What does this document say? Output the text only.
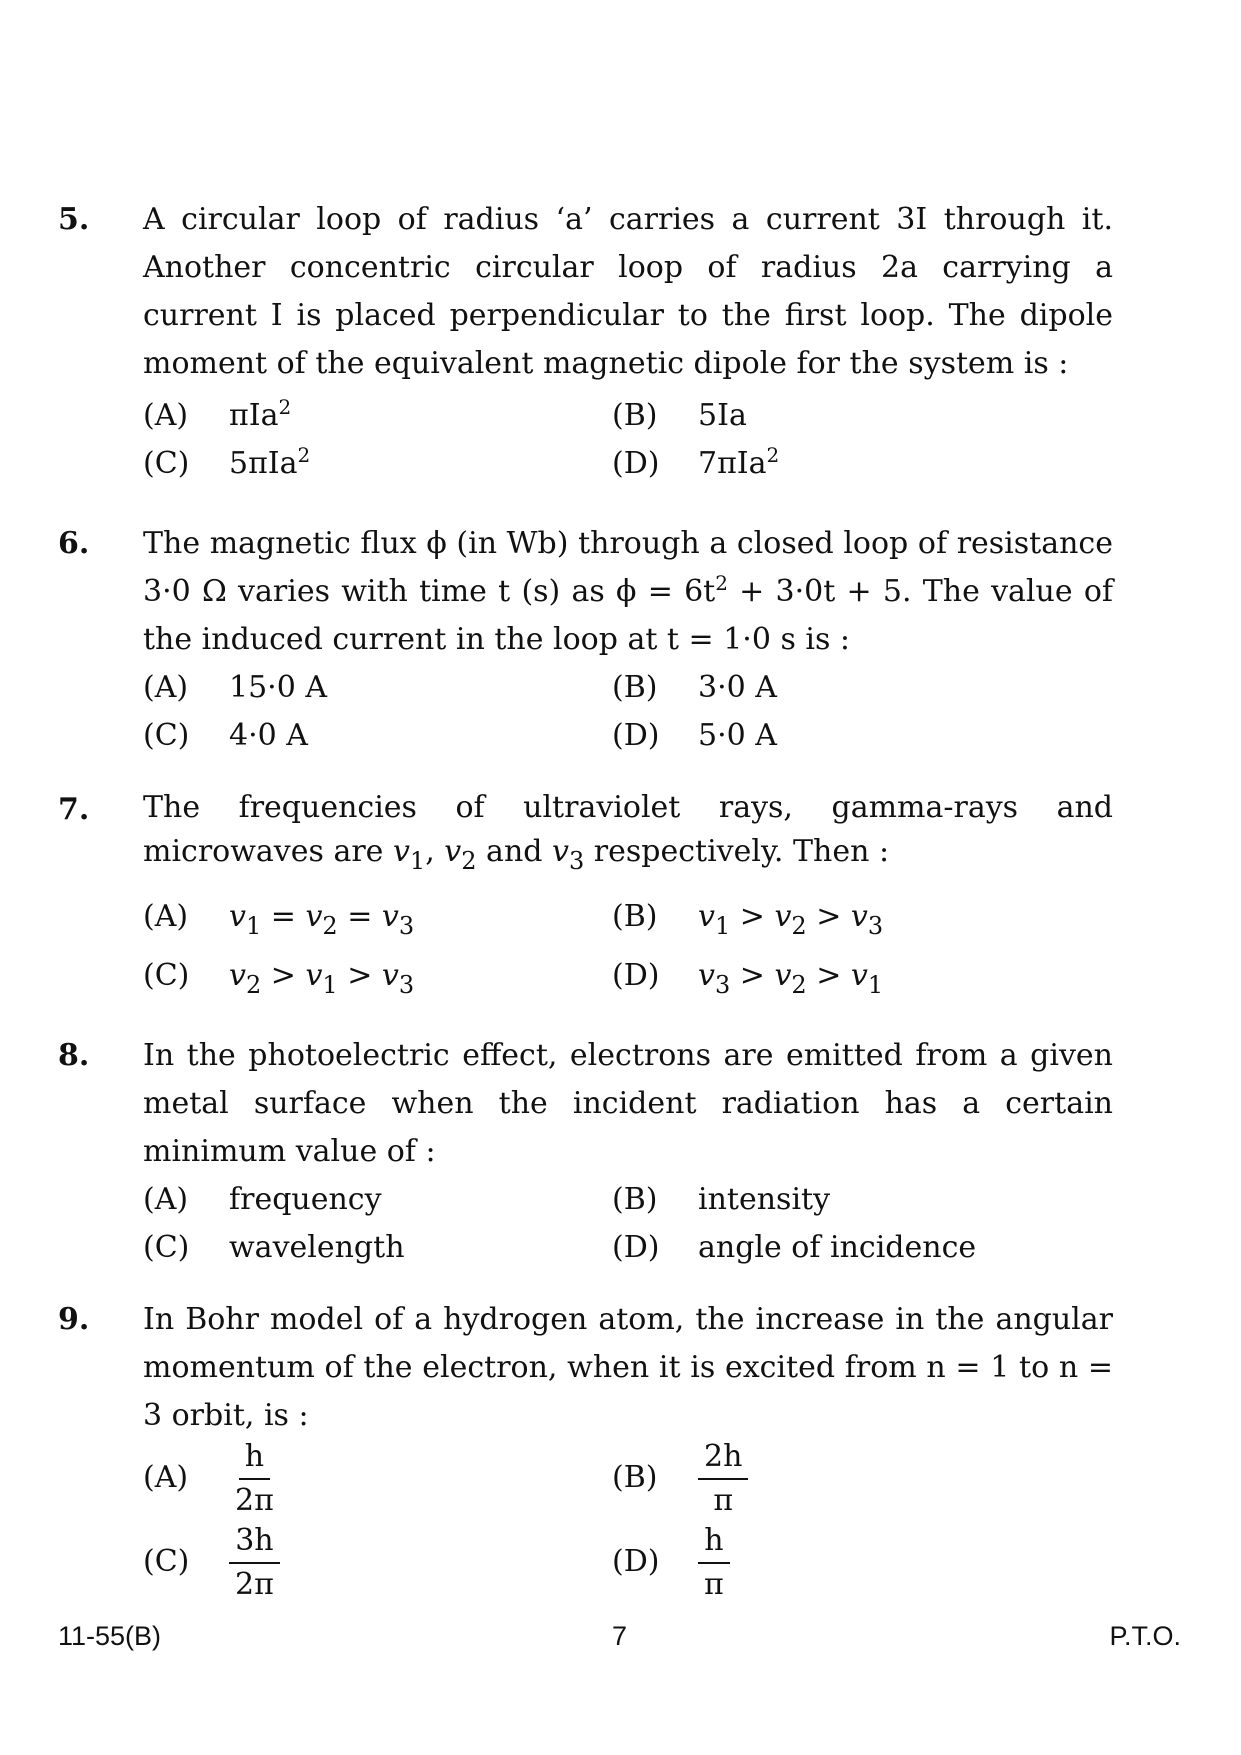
5. A circular loop of radius ‘a’ carries a current 3I through it. Another concentric circular loop of radius 2a carrying a current I is placed perpendicular to the first loop. The dipole moment of the equivalent magnetic dipole for the system is :
(A) πIa$^2$	(B) 5Ia
(C) 5πIa$^2$	(D) 7πIa$^2$
6. The magnetic flux ϕ (in Wb) through a closed loop of resistance 3·0 Ω varies with time t (s) as $\phi = 6t^2 + 3\cdot 0t + 5$. The value of the induced current in the loop at t = 1·0 s is :
(A) 15·0 A	(B) 3·0 A
(C) 4·0 A	(D) 5·0 A
7. The frequencies of ultraviolet rays, gamma-rays and
microwaves are $v_1$, $v_2$ and $v_3$ respectively. Then :
(A) $v_1 = v_2 = v_3$	(B) $v_1 > v_2 > v_3$
(C) $v_2 > v_1 > v_3$	(D) $v_3 > v_2 > v_1$
8. In the photoelectric effect, electrons are emitted from a given metal surface when the incident radiation has a certain minimum value of :
(A) frequency	(B) intensity
(C) wavelength	(D) angle of incidence
9. In Bohr model of a hydrogen atom, the increase in the angular momentum of the electron, when it is excited from n = 1 to n = 3 orbit, is :
$(A) \frac{h}{2\pi}$	$(B) \frac{2h}{\pi}$
$(C) \frac{3h}{2\pi}$	$(D) \frac{h}{\pi}$
11-55(B)	7	P.T.O.
